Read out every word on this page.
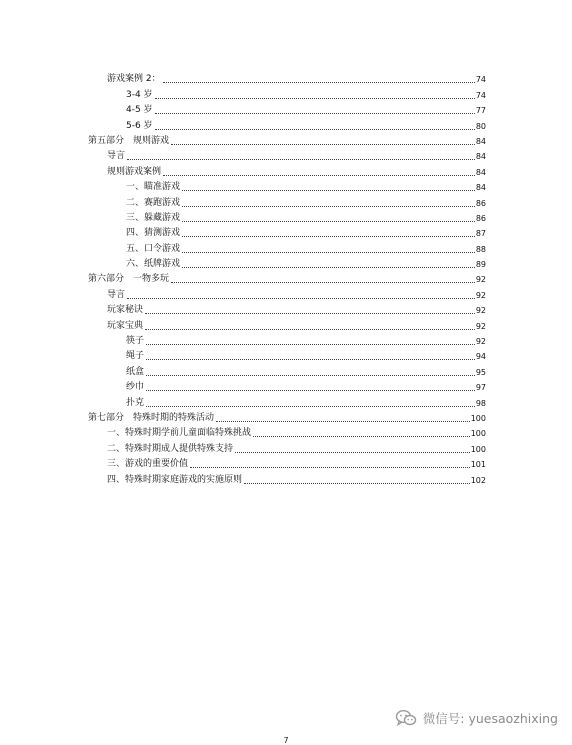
游戏案例 2：	74
3-4 岁	74
4-5 岁	77
5-6 岁	80
第五部分　规则游戏	84
导言	84
规则游戏案例	84
一、瞄准游戏	84
二、赛跑游戏	86
三、躲藏游戏	86
四、猜测游戏	87
五、口令游戏	88
六、纸牌游戏	89
第六部分　一物多玩	92
导言	92
玩家秘诀	92
玩家宝典	92
筷子	92
绳子	94
纸盒	95
纱巾	97
扑克	98
第七部分　特殊时期的特殊活动	100
一、特殊时期学前儿童面临特殊挑战	100
二、特殊时期成人提供特殊支持	100
三、游戏的重要价值	101
四、特殊时期家庭游戏的实施原则	102
7
微信号: yuesaozhixing
